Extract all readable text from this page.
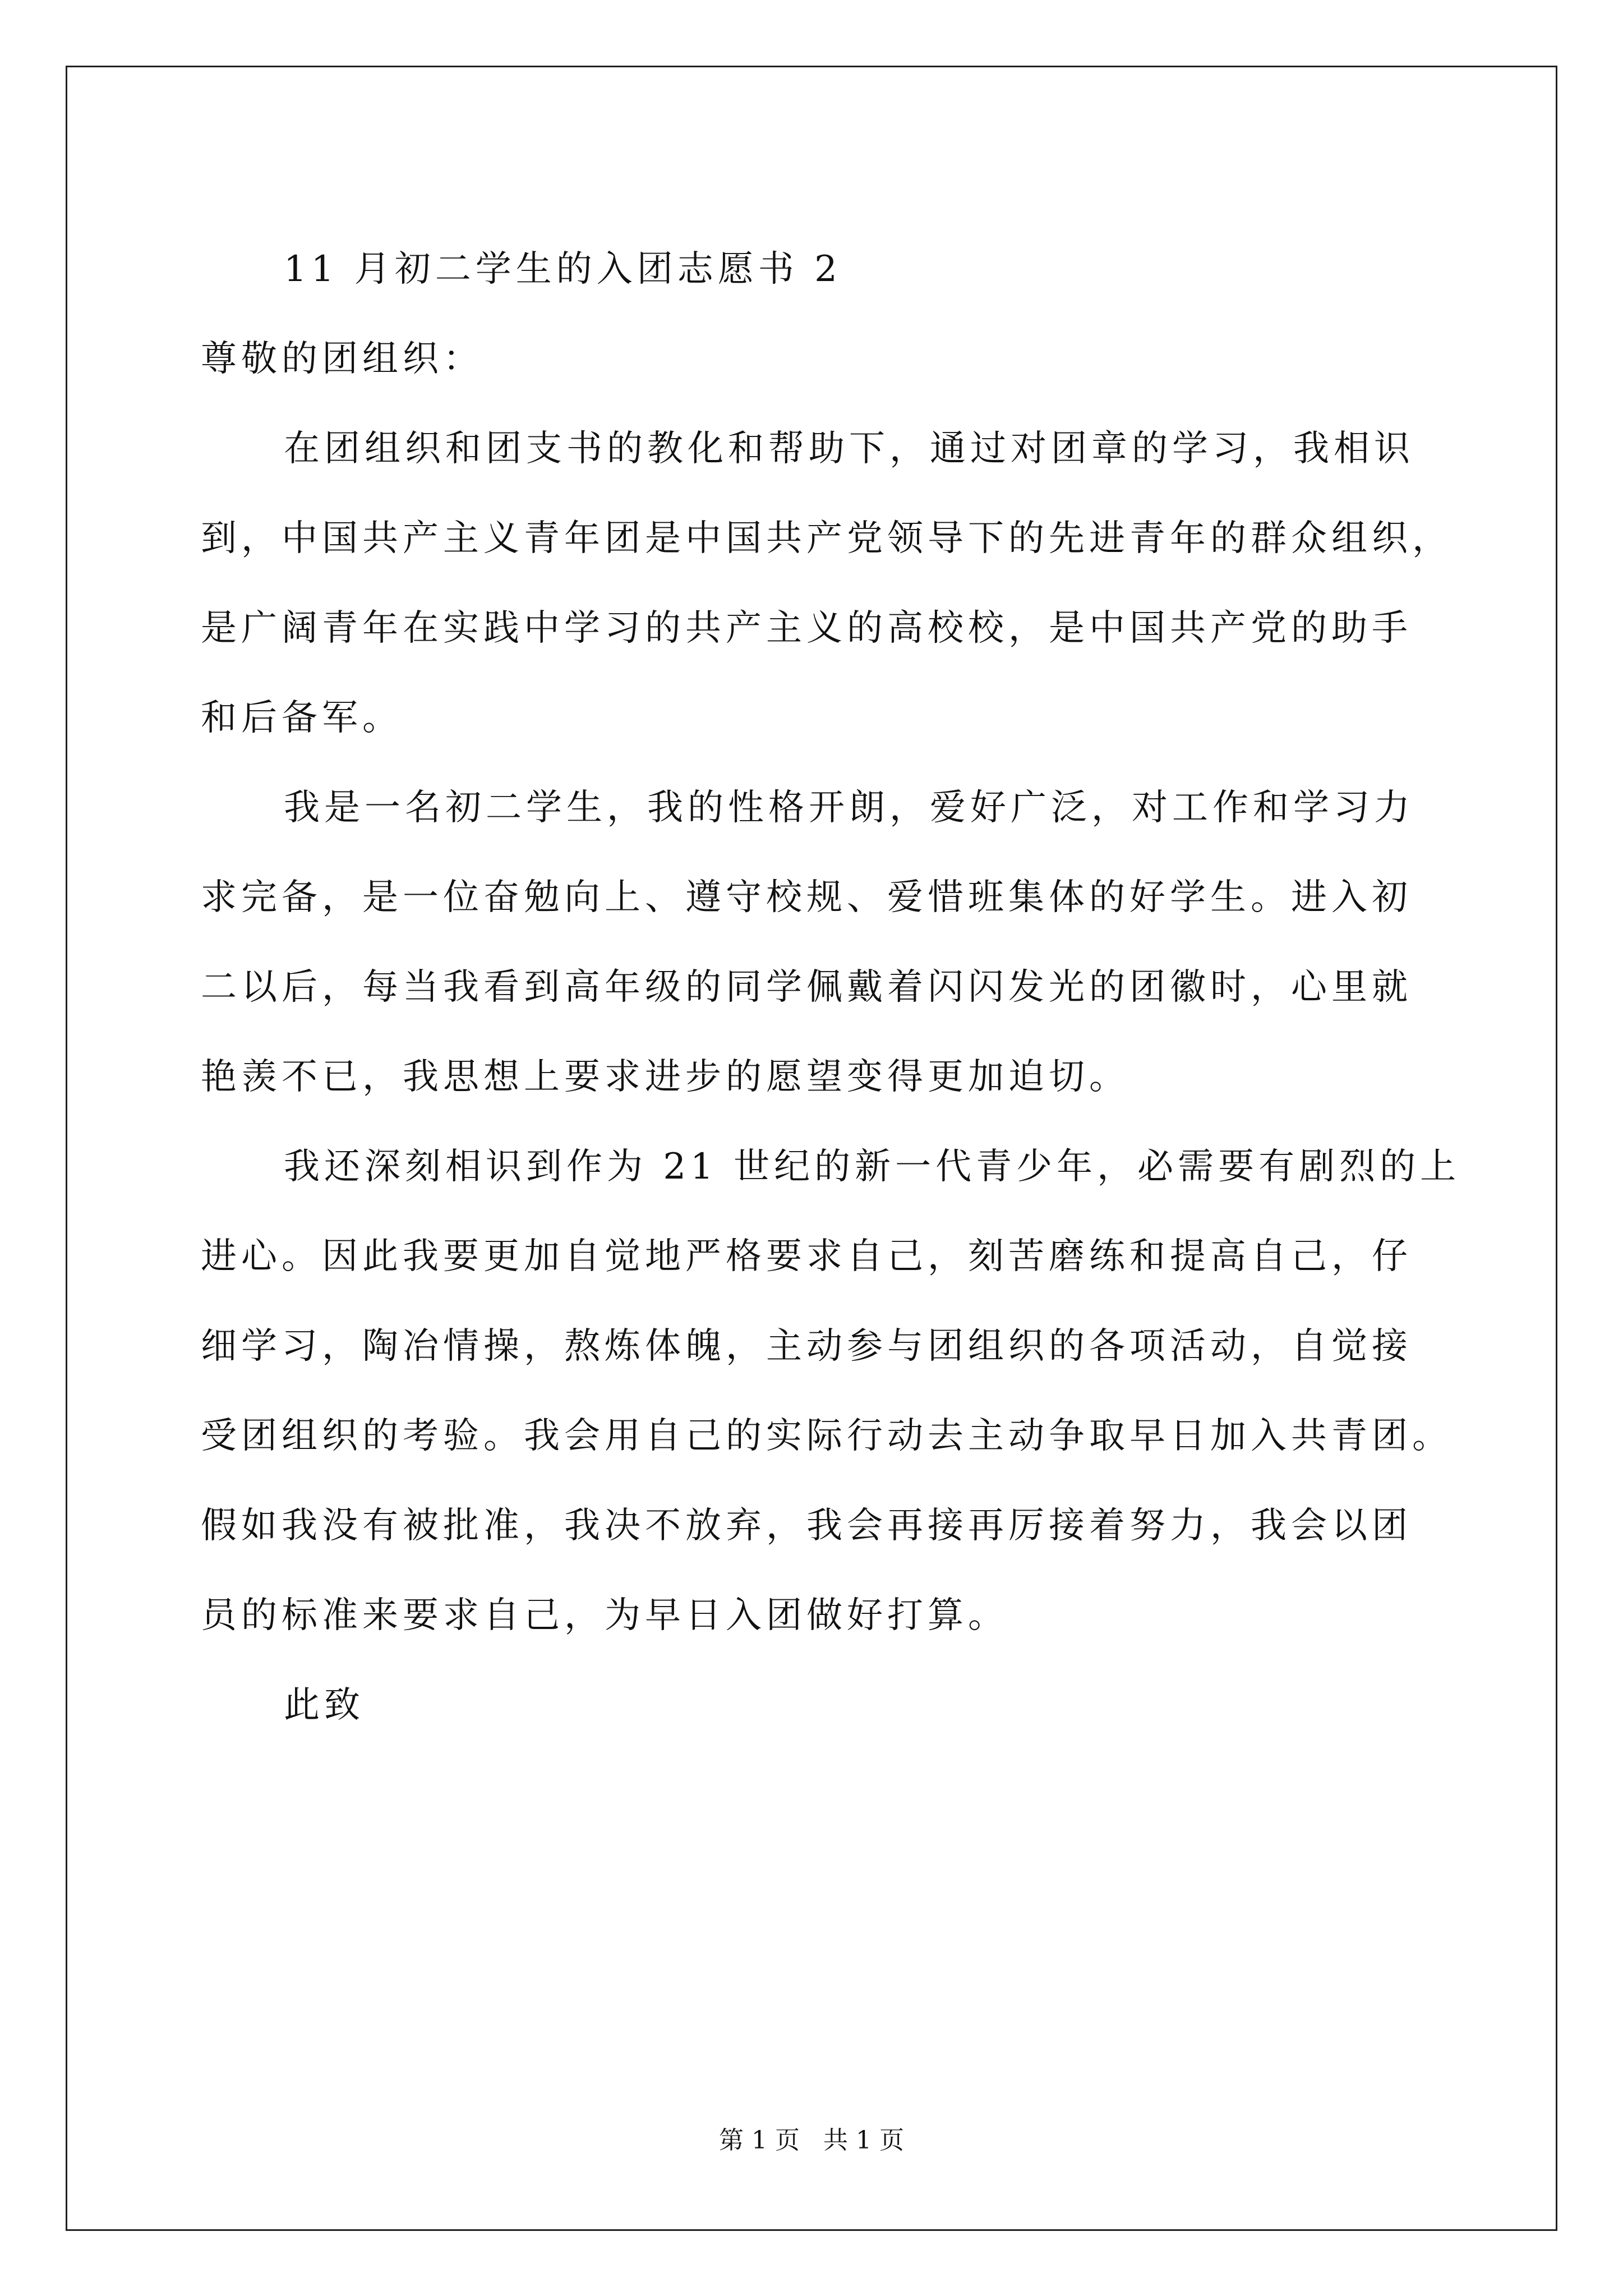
11 月初二学生的入团志愿书 2
尊敬的团组织：
在团组织和团支书的教化和帮助下，通过对团章的学习，我相识
到，中国共产主义青年团是中国共产党领导下的先进青年的群众组织，
是广阔青年在实践中学习的共产主义的高校校，是中国共产党的助手
和后备军。
我是一名初二学生，我的性格开朗，爱好广泛，对工作和学习力
求完备，是一位奋勉向上、遵守校规、爱惜班集体的好学生。进入初
二以后，每当我看到高年级的同学佩戴着闪闪发光的团徽时，心里就
艳羡不已，我思想上要求进步的愿望变得更加迫切。
我还深刻相识到作为 21 世纪的新一代青少年，必需要有剧烈的上
进心。因此我要更加自觉地严格要求自己，刻苦磨练和提高自己，仔
细学习，陶冶情操，熬炼体魄，主动参与团组织的各项活动，自觉接
受团组织的考验。我会用自己的实际行动去主动争取早日加入共青团。
假如我没有被批准，我决不放弃，我会再接再厉接着努力，我会以团
员的标准来要求自己，为早日入团做好打算。
此致
第 1 页   共 1 页
